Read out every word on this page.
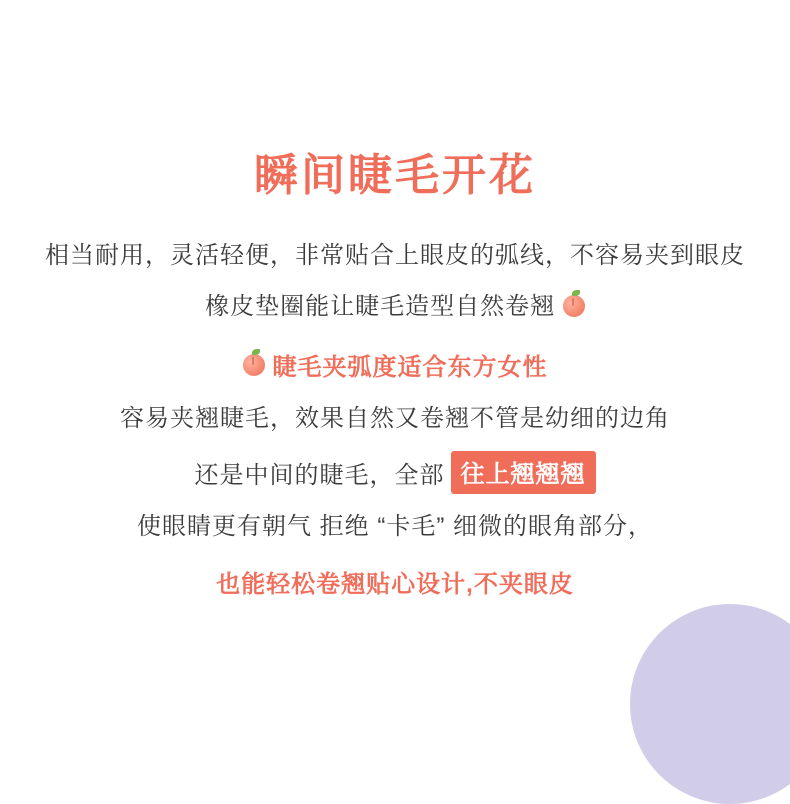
瞬间睫毛开花

相当耐用，灵活轻便，非常贴合上眼皮的弧线，不容易夹到眼皮

橡皮垫圈能让睫毛造型自然卷翘

睫毛夹弧度适合东方女性

容易夹翘睫毛，效果自然又卷翘不管是幼细的边角

还是中间的睫毛，全部 往上翘翘翘

使眼睛更有朝气 拒绝 “卡毛” 细微的眼角部分，

也能轻松卷翘贴心设计,不夹眼皮
